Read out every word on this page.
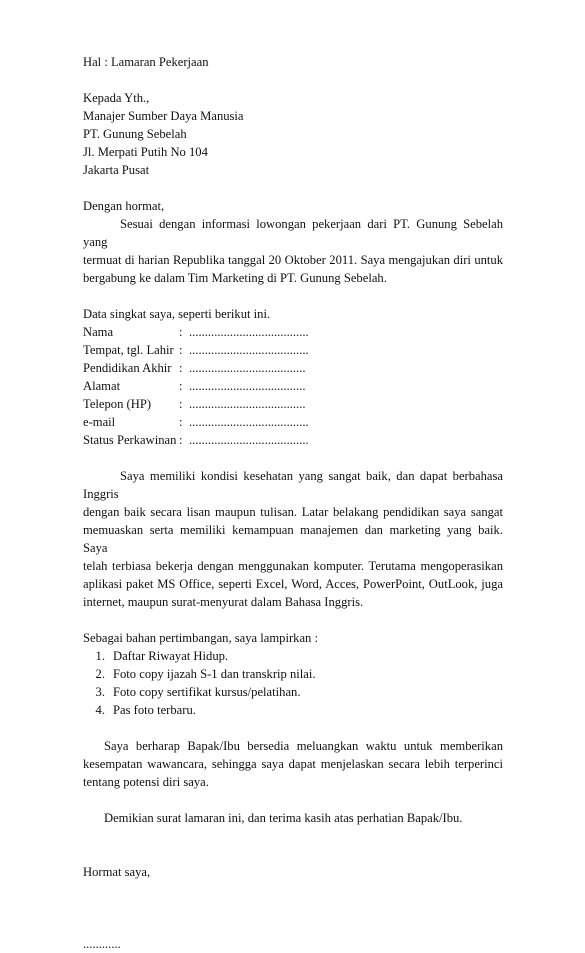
Hal : Lamaran Pekerjaan
Kepada Yth.,
Manajer Sumber Daya Manusia
PT. Gunung Sebelah
Jl. Merpati Putih No 104
Jakarta Pusat
Dengan hormat,
Sesuai dengan informasi lowongan pekerjaan dari PT. Gunung Sebelah yang
termuat di harian Republika tanggal 20 Oktober 2011. Saya mengajukan diri untuk
bergabung ke dalam Tim Marketing di PT. Gunung Sebelah.
Data singkat saya, seperti berikut ini.
Nama	: ......................................
Tempat, tgl. Lahir : ......................................
Pendidikan Akhir : .....................................
Alamat	: .....................................
Telepon (HP)	: .....................................
e-mail	: ......................................
Status Perkawinan : ......................................
Saya memiliki kondisi kesehatan yang sangat baik, dan dapat berbahasa Inggris
dengan baik secara lisan maupun tulisan. Latar belakang pendidikan saya sangat
memuaskan serta memiliki kemampuan manajemen dan marketing yang baik. Saya
telah terbiasa bekerja dengan menggunakan komputer. Terutama mengoperasikan
aplikasi paket MS Office, seperti Excel, Word, Acces, PowerPoint, OutLook, juga
internet, maupun surat-menyurat dalam Bahasa Inggris.
Sebagai bahan pertimbangan, saya lampirkan :
1. Daftar Riwayat Hidup.
2. Foto copy ijazah S-1 dan transkrip nilai.
3. Foto copy sertifikat kursus/pelatihan.
4. Pas foto terbaru.
Saya berharap Bapak/Ibu bersedia meluangkan waktu untuk memberikan
kesempatan wawancara, sehingga saya dapat menjelaskan secara lebih terperinci
tentang potensi diri saya.
Demikian surat lamaran ini, dan terima kasih atas perhatian Bapak/Ibu.
Hormat saya,
............
